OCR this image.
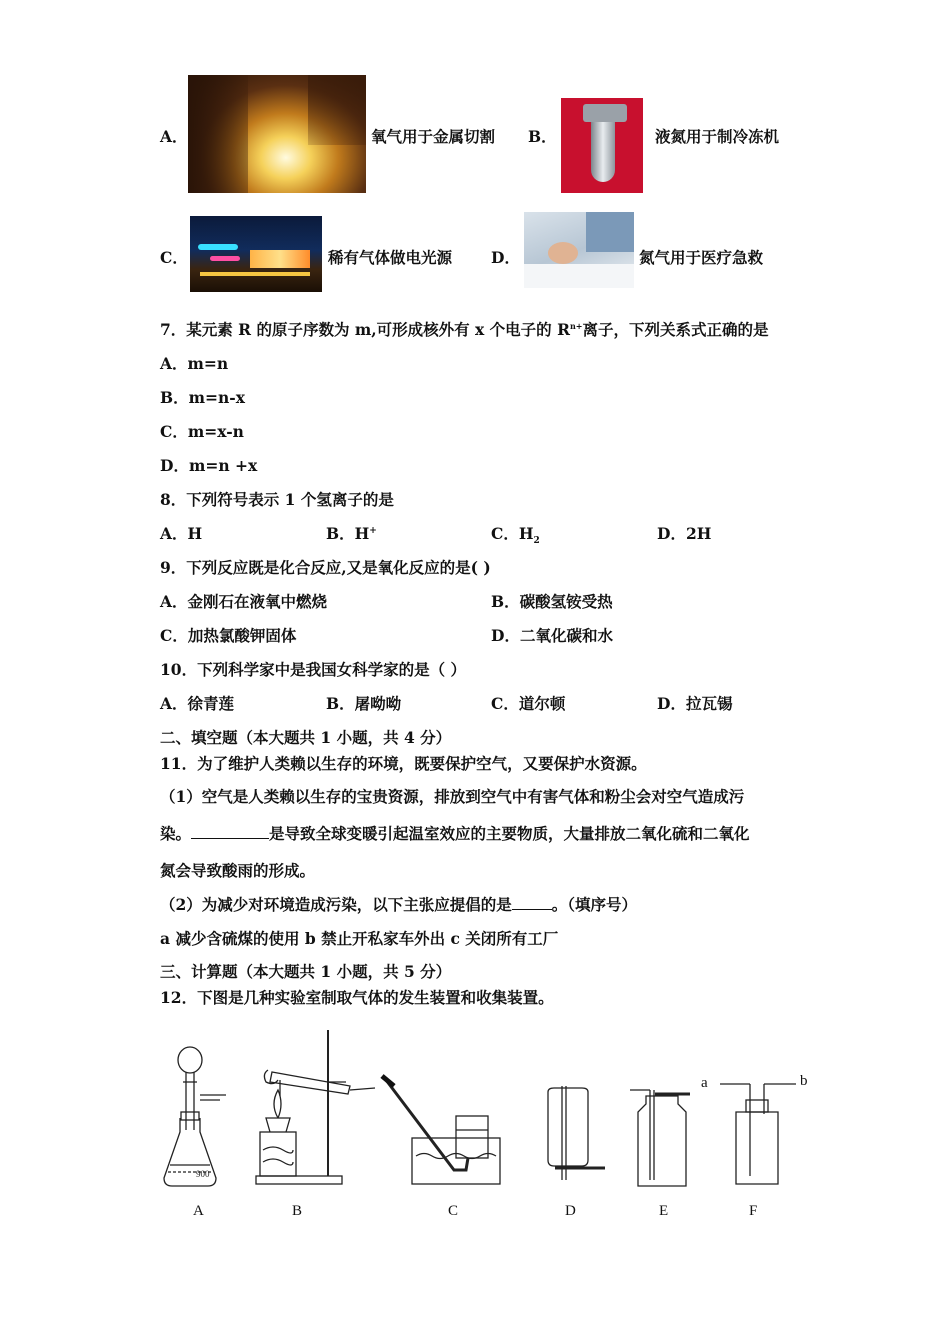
A．	氧气用于金属切割 B．	液氮用于制冷冻机
C．	稀有气体做电光源	D．	氮气用于医疗急救
7．某元素 R 的原子序数为 m,可形成核外有 x 个电子的 $R^{n+}$离子，下列关系式正确的是
A．m=n
B．m=n-x
C．m=x-n
D．m=n +x
8．下列符号表示 1 个氢离子的是
A．H	B．H+	C．$H_2$	D．2H
9．下列反应既是化合反应,又是氧化反应的是( )
A．金刚石在液氧中燃烧	B．碳酸氢铵受热
C．加热氯酸钾固体	D．二氧化碳和水
10．下列科学家中是我国女科学家的是（ ）
A．徐青莲	B．屠呦呦	C．道尔顿	D．拉瓦锡
二、填空题（本大题共 1 小题，共 4 分）
11．为了维护人类赖以生存的环境，既要保护空气，又要保护水资源。
（1）空气是人类赖以生存的宝贵资源，排放到空气中有害气体和粉尘会对空气造成污
染。	是导致全球变暖引起温室效应的主要物质，大量排放二氧化硫和二氧化
氮会导致酸雨的形成。
（2）为减少对环境造成污染，以下主张应提倡的是	。（填序号）
a 减少含硫煤的使用 b 禁止开私家车外出 c 关闭所有工厂
三、计算题（本大题共 1 小题，共 5 分）
12．下图是几种实验室制取气体的发生装置和收集装置。
900
a	b
A	B	C	D	E	F
